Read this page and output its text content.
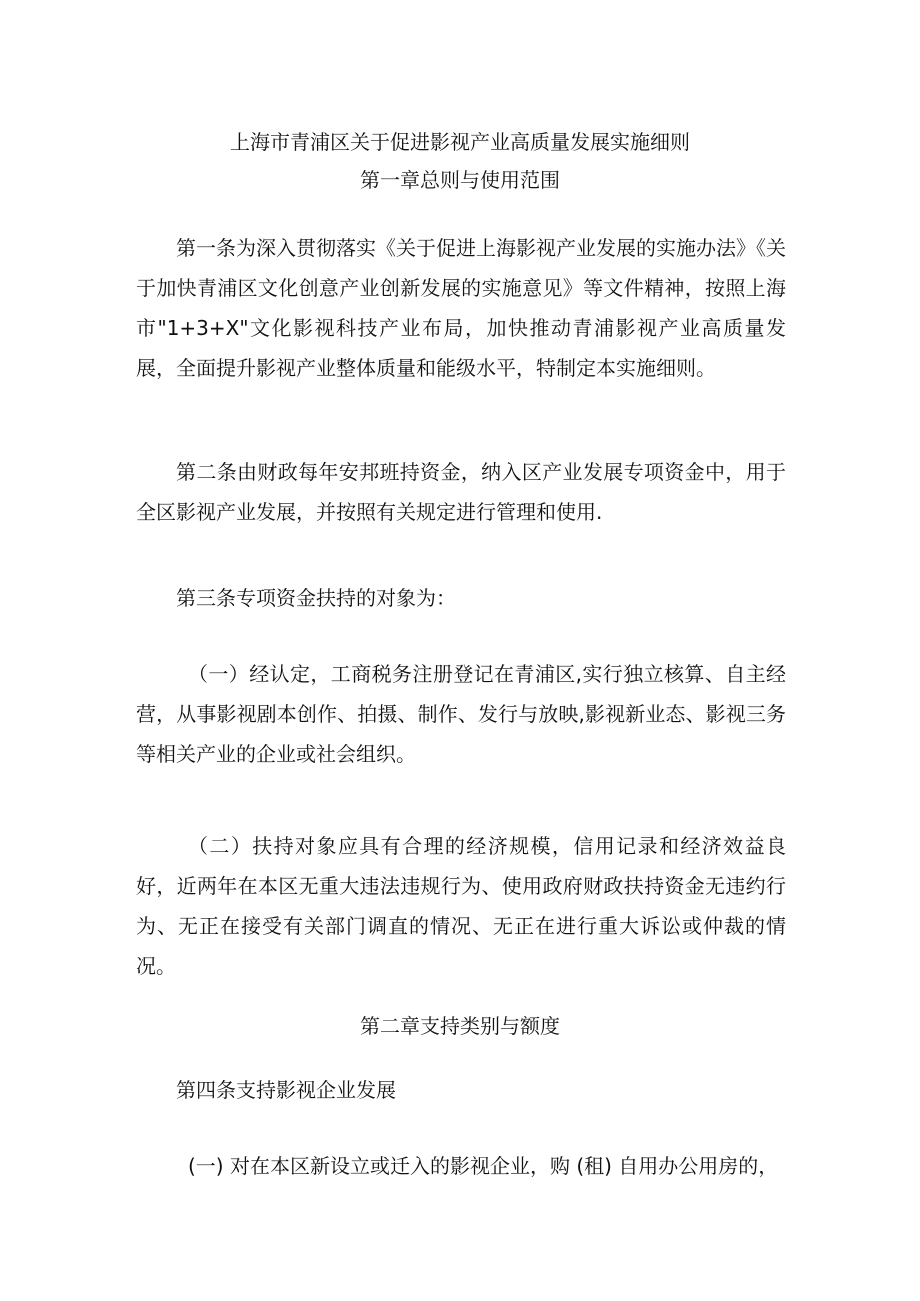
上海市青浦区关于促进影视产业高质量发展实施细则
第一章总则与使用范围

第一条为深入贯彻落实《关于促进上海影视产业发展的实施办法》《关于加快青浦区文化创意产业创新发展的实施意见》等文件精神，按照上海市"1+3+X"文化影视科技产业布局，加快推动青浦影视产业高质量发展，全面提升影视产业整体质量和能级水平，特制定本实施细则。

第二条由财政每年安邦班持资金，纳入区产业发展专项资金中，用于全区影视产业发展，并按照有关规定进行管理和使用.

第三条专项资金扶持的对象为：

（一）经认定，工商税务注册登记在青浦区,实行独立核算、自主经营，从事影视剧本创作、拍摄、制作、发行与放映,影视新业态、影视三务等相关产业的企业或社会组织。

（二）扶持对象应具有合理的经济规模，信用记录和经济效益良好，近两年在本区无重大违法违规行为、使用政府财政扶持资金无违约行为、无正在接受有关部门调直的情况、无正在进行重大诉讼或仲裁的情况。

第二章支持类别与额度

第四条支持影视企业发展

(一) 对在本区新设立或迁入的影视企业，购 (租) 自用办公用房的，
